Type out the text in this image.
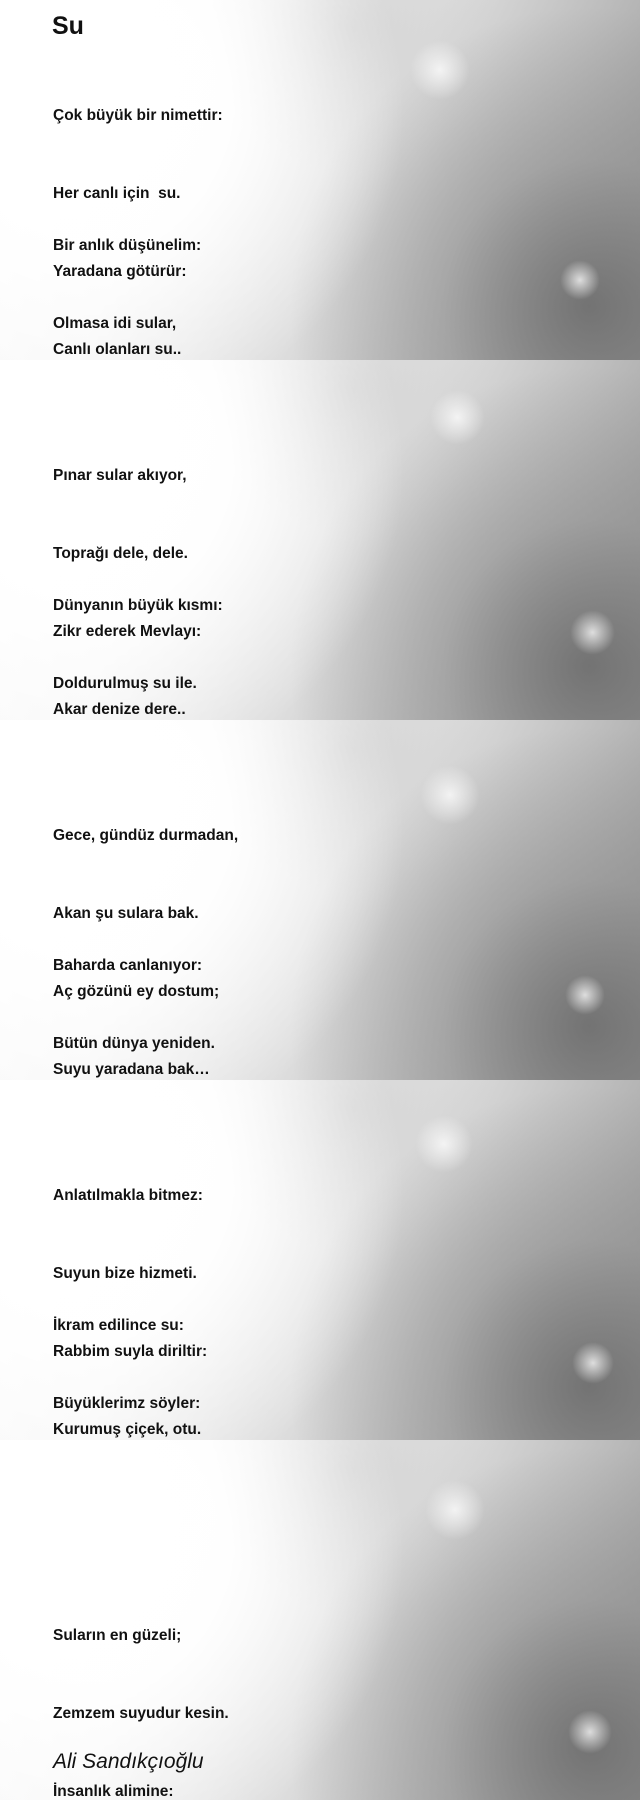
Su

Çok büyük bir nimettir:

Her canlı için  su.

Yaradana götürür:

Canlı olanları su..

Bir anlık düşünelim:

Olmasa idi sular,

Pınar sular akıyor,

Toprağı dele, dele.

Zikr ederek Mevlayı:

Akar denize dere..

Dünyanın büyük kısmı:

Doldurulmuş su ile.

Gece, gündüz durmadan,

Akan şu sulara bak.

Aç gözünü ey dostum;

Suyu yaradana bak…

Baharda canlanıyor:

Bütün dünya yeniden.

Anlatılmakla bitmez:

Suyun bize hizmeti.

Rabbim suyla diriltir:

Kurumuş çiçek, otu.

İkram edilince su:

Büyüklerimz söyler:

Suların en güzeli;

Zemzem suyudur kesin.

İnsanlık alimine:

Ali Sandıkçıoğlu
